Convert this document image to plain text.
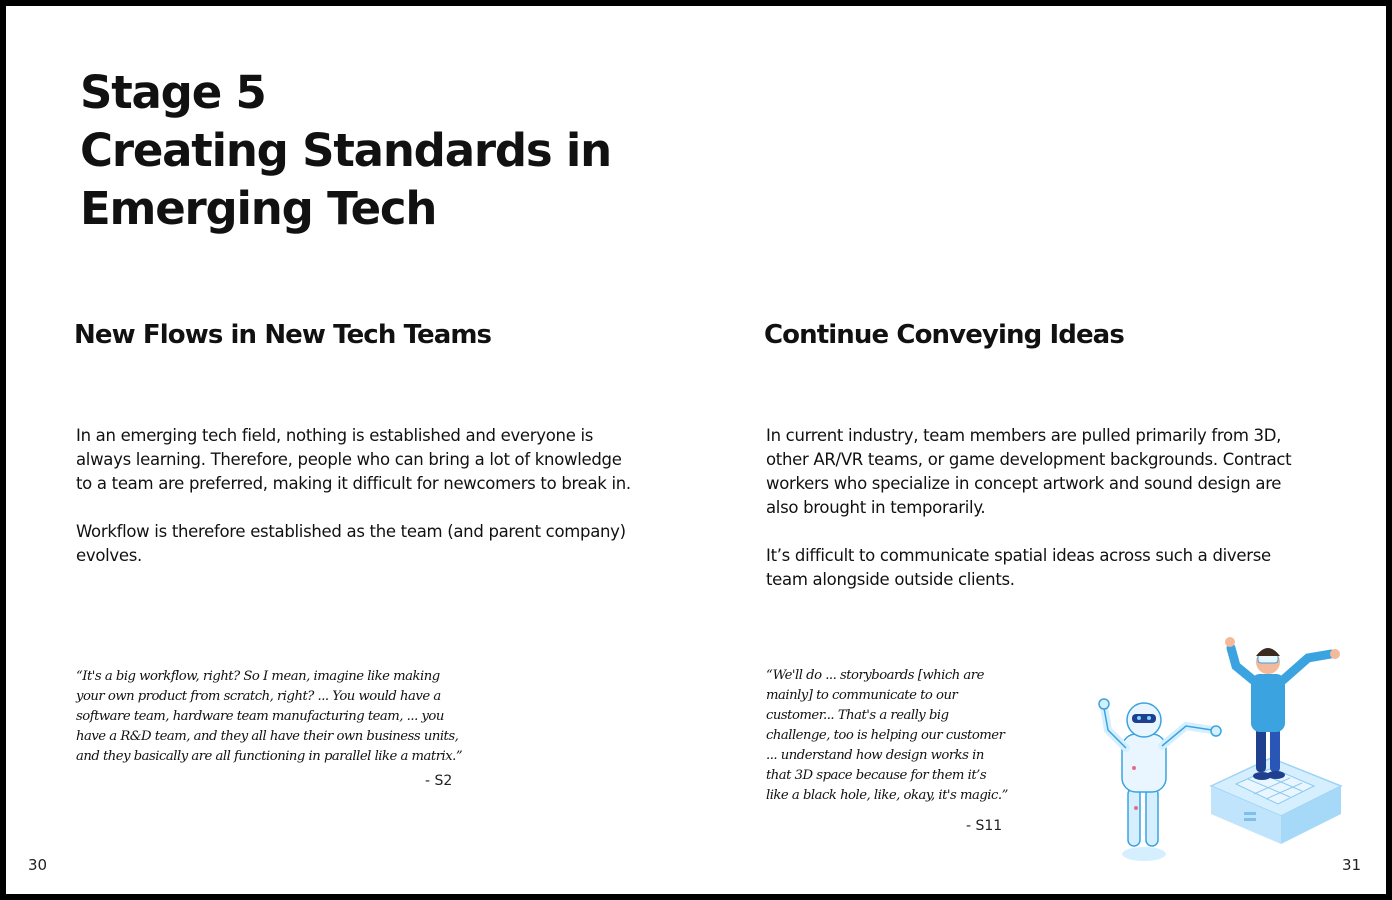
Stage 5
Creating Standards in
Emerging Tech
New Flows in New Tech Teams	Continue Conveying Ideas

In an emerging tech field, nothing is established and everyone is always learning. Therefore, people who can bring a lot of knowledge to a team are preferred, making it difficult for newcomers to break in.

Workflow is therefore established as the team (and parent company) evolves.

In current industry, team members are pulled primarily from 3D, other AR/VR teams, or game development backgrounds. Contract workers who specialize in concept artwork and sound design are also brought in temporarily.

It’s difficult to communicate spatial ideas across such a diverse team alongside outside clients.

“It's a big workflow, right? So I mean, imagine like making your own product from scratch, right? ... You would have a software team, hardware team manufacturing team, ... you have a R&D team, and they all have their own business units, and they basically are all functioning in parallel like a matrix.”

- S2

“We'll do ... storyboards [which are mainly] to communicate to our customer... That's a really big challenge, too is helping our customer ... understand how design works in that 3D space because for them it’s like a black hole, like, okay, it's magic.”

- S11
30	31
